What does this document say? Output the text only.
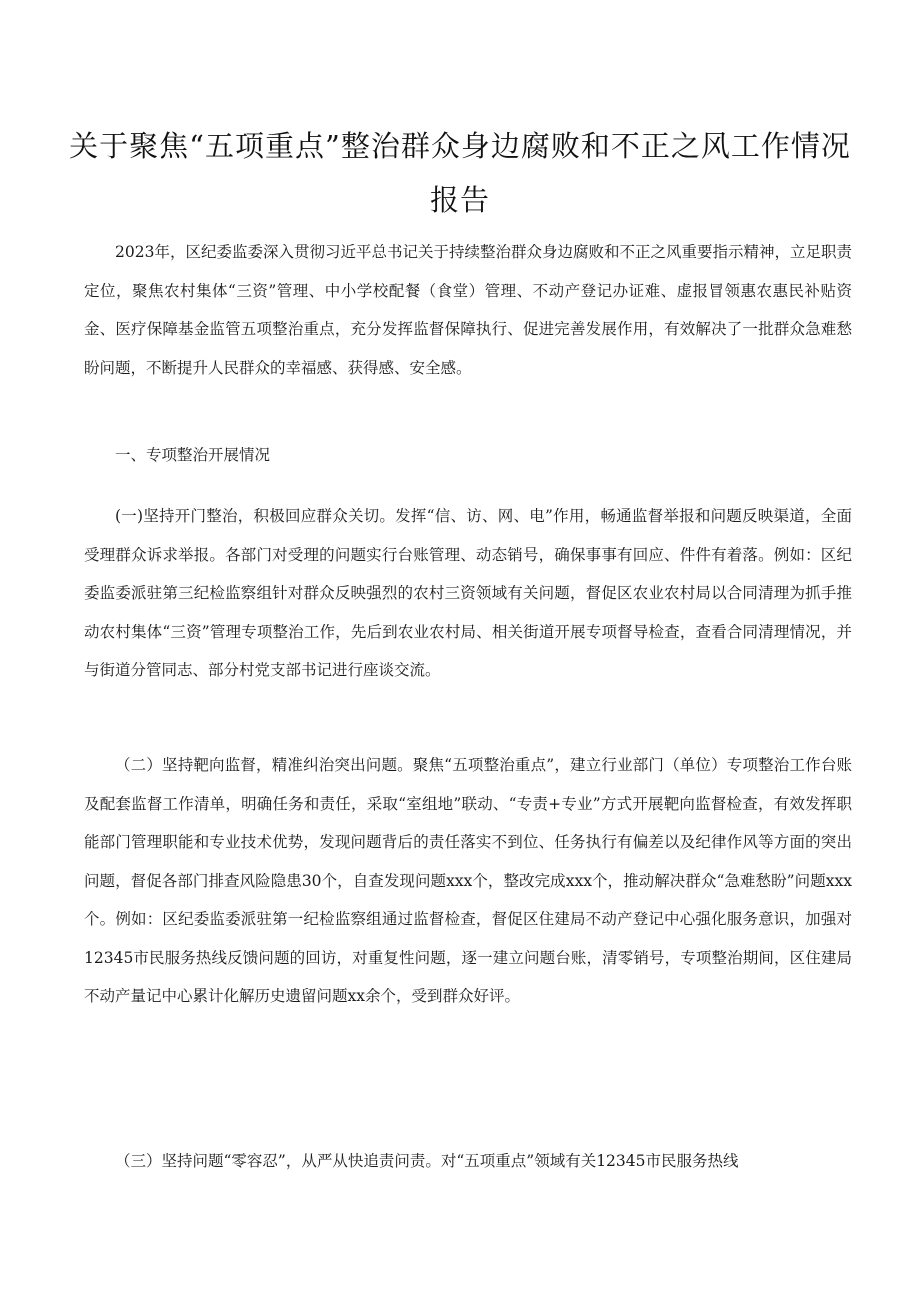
关于聚焦“五项重点”整治群众身边腐败和不正之风工作情况
报告

2023年，区纪委监委深入贯彻习近平总书记关于持续整治群众身边腐败和不正之风重要指示精神，立足职责定位，聚焦农村集体“三资”管理、中小学校配餐（食堂）管理、不动产登记办证难、虚报冒领惠农惠民补贴资金、医疗保障基金监管五项整治重点，充分发挥监督保障执行、促进完善发展作用，有效解决了一批群众急难愁盼问题，不断提升人民群众的幸福感、获得感、安全感。

一、专项整治开展情况

(一)坚持开门整治，积极回应群众关切。发挥“信、访、网、电”作用，畅通监督举报和问题反映渠道，全面受理群众诉求举报。各部门对受理的问题实行台账管理、动态销号，确保事事有回应、件件有着落。例如：区纪委监委派驻第三纪检监察组针对群众反映强烈的农村三资领域有关问题，督促区农业农村局以合同清理为抓手推动农村集体“三资”管理专项整治工作，先后到农业农村局、相关街道开展专项督导检查，查看合同清理情况，并与街道分管同志、部分村党支部书记进行座谈交流。

（二）坚持靶向监督，精准纠治突出问题。聚焦“五项整治重点”，建立行业部门（单位）专项整治工作台账及配套监督工作清单，明确任务和责任，采取“室组地”联动、“专责+专业”方式开展靶向监督检查，有效发挥职能部门管理职能和专业技术优势，发现问题背后的责任落实不到位、任务执行有偏差以及纪律作风等方面的突出问题，督促各部门排查风险隐患30个，自查发现问题xxx个，整改完成xxx个，推动解决群众“急难愁盼”问题xxx个。例如：区纪委监委派驻第一纪检监察组通过监督检查，督促区住建局不动产登记中心强化服务意识，加强对12345市民服务热线反馈问题的回访，对重复性问题，逐一建立问题台账，清零销号，专项整治期间，区住建局不动产量记中心累计化解历史遗留问题xx余个，受到群众好评。

（三）坚持问题“零容忍”，从严从快追责问责。对“五项重点”领域有关12345市民服务热线
